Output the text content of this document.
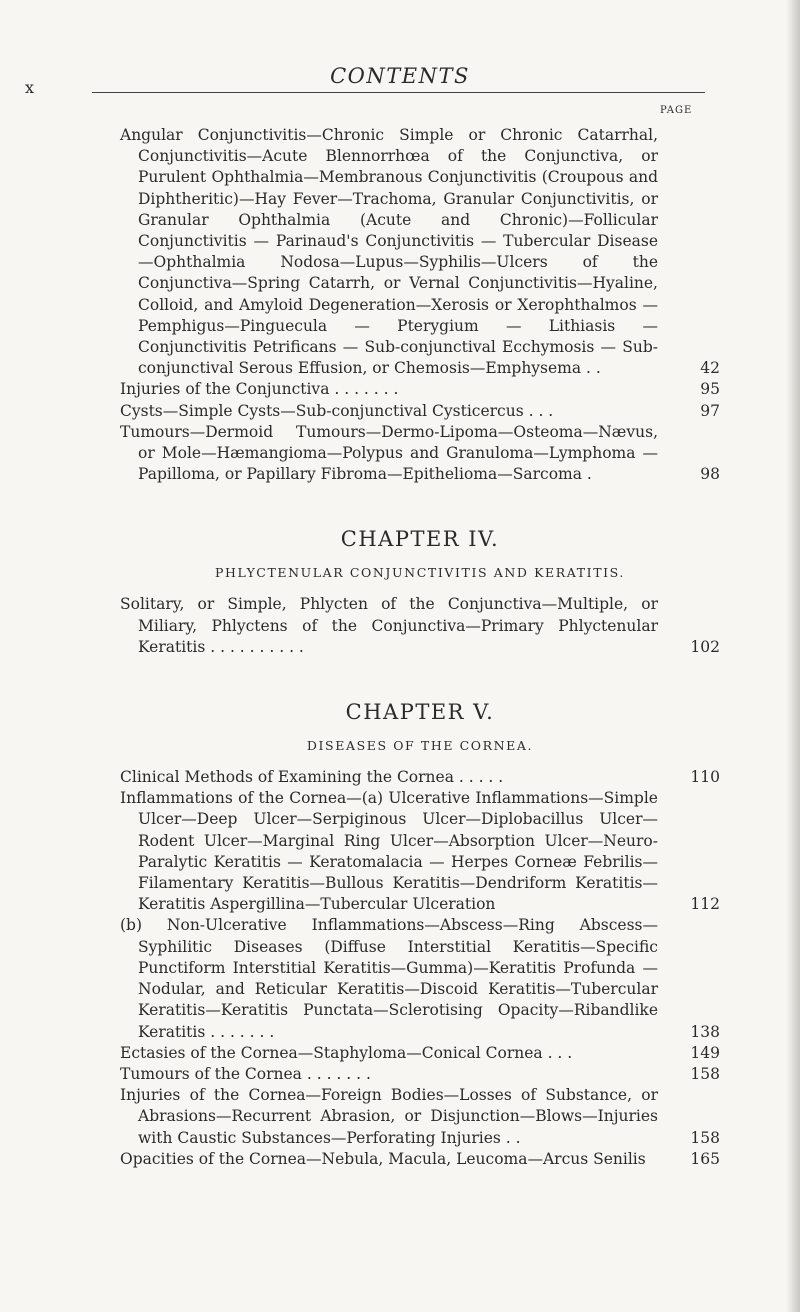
x	CONTENTS
PAGE
Angular Conjunctivitis—Chronic Simple or Chronic Catarrhal, Conjunctivitis—Acute Blennorrhœa of the Conjunctiva, or Purulent Ophthalmia—Membranous Conjunctivitis (Croupous and Diphtheritic)—Hay Fever—Trachoma, Granular Conjunctivitis, or Granular Ophthalmia (Acute and Chronic)—Follicular Conjunctivitis — Parinaud's Conjunctivitis — Tubercular Disease—Ophthalmia Nodosa—Lupus—Syphilis—Ulcers of the Conjunctiva—Spring Catarrh, or Vernal Conjunctivitis—Hyaline, Colloid, and Amyloid Degeneration—Xerosis or Xerophthalmos — Pemphigus—Pinguecula — Pterygium — Lithiasis — Conjunctivitis Petrificans — Sub-conjunctival Ecchymosis — Sub-conjunctival Serous Effusion, or Chemosis—Emphysema . .	42
Injuries of the Conjunctiva . . . . . . .	95
Cysts—Simple Cysts—Sub-conjunctival Cysticercus . . .	97
Tumours—Dermoid Tumours—Dermo-Lipoma—Osteoma—Nævus, or Mole—Hæmangioma—Polypus and Granuloma—Lymphoma —Papilloma, or Papillary Fibroma—Epithelioma—Sarcoma .	98
CHAPTER IV.
PHLYCTENULAR CONJUNCTIVITIS AND KERATITIS.
Solitary, or Simple, Phlycten of the Conjunctiva—Multiple, or Miliary, Phlyctens of the Conjunctiva—Primary Phlyctenular Keratitis . . . . . . . . . .	102
CHAPTER V.
DISEASES OF THE CORNEA.
Clinical Methods of Examining the Cornea . . . . .	110
Inflammations of the Cornea—(a) Ulcerative Inflammations—Simple Ulcer—Deep Ulcer—Serpiginous Ulcer—Diplobacillus Ulcer—Rodent Ulcer—Marginal Ring Ulcer—Absorption Ulcer—Neuro-Paralytic Keratitis — Keratomalacia — Herpes Corneæ Febrilis—Filamentary Keratitis—Bullous Keratitis—Dendriform Keratitis—Keratitis Aspergillina—Tubercular Ulceration	112
(b) Non-Ulcerative Inflammations—Abscess—Ring Abscess—Syphilitic Diseases (Diffuse Interstitial Keratitis—Specific Punctiform Interstitial Keratitis—Gumma)—Keratitis Profunda —Nodular, and Reticular Keratitis—Discoid Keratitis—Tubercular Keratitis—Keratitis Punctata—Sclerotising Opacity—Ribandlike Keratitis . . . . . . .	138
Ectasies of the Cornea—Staphyloma—Conical Cornea . . .	149
Tumours of the Cornea . . . . . . .	158
Injuries of the Cornea—Foreign Bodies—Losses of Substance, or Abrasions—Recurrent Abrasion, or Disjunction—Blows—Injuries with Caustic Substances—Perforating Injuries . .	158
Opacities of the Cornea—Nebula, Macula, Leucoma—Arcus Senilis	165
